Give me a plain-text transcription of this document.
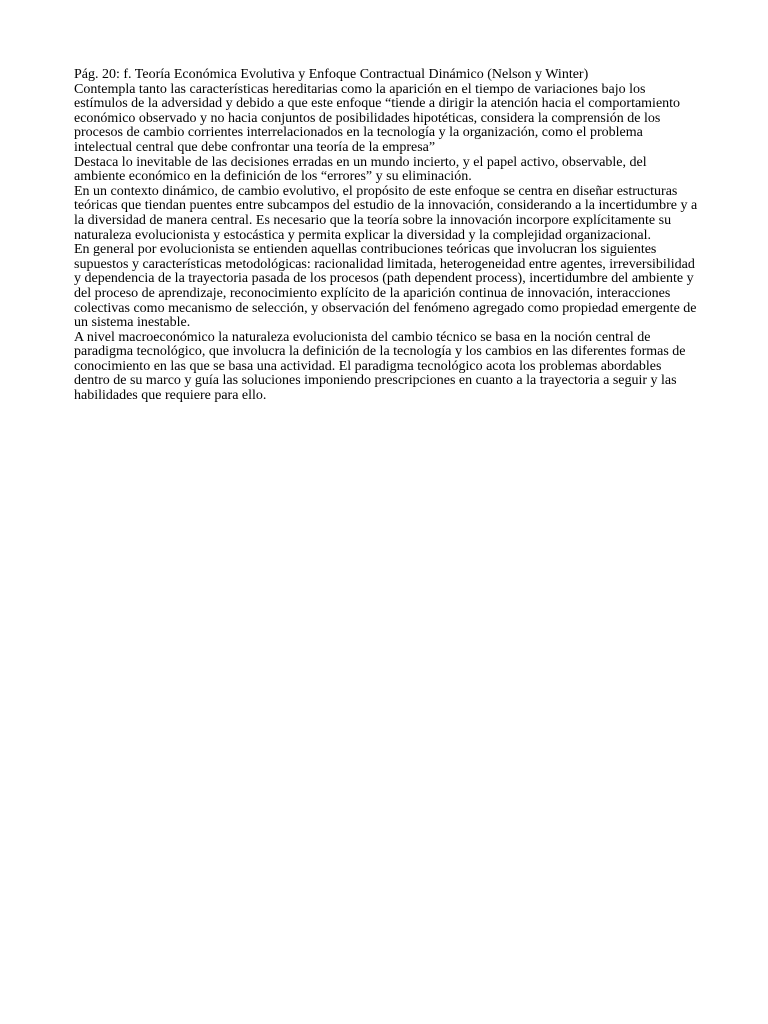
Pág. 20: f. Teoría Económica Evolutiva y Enfoque Contractual Dinámico (Nelson y Winter)

Contempla tanto las características hereditarias como la aparición en el tiempo de variaciones bajo los estímulos de la adversidad y debido a que este enfoque “tiende a dirigir la atención hacia el comportamiento económico observado y no hacia conjuntos de posibilidades hipotéticas, considera la comprensión de los procesos de cambio corrientes interrelacionados en la tecnología y la organización, como el problema intelectual central que debe confrontar una teoría de la empresa”

Destaca lo inevitable de las decisiones erradas en un mundo incierto, y el papel activo, observable, del ambiente económico en la definición de los “errores” y su eliminación.

En un contexto dinámico, de cambio evolutivo, el propósito de este enfoque se centra en diseñar estructuras teóricas que tiendan puentes entre subcampos del estudio de la innovación, considerando a la incertidumbre y a la diversidad de manera central. Es necesario que la teoría sobre la innovación incorpore explícitamente su naturaleza evolucionista y estocástica y permita explicar la diversidad y la complejidad organizacional.

En general por evolucionista se entienden aquellas contribuciones teóricas que involucran los siguientes supuestos y características metodológicas: racionalidad limitada, heterogeneidad entre agentes, irreversibilidad y dependencia de la trayectoria pasada de los procesos (path dependent process), incertidumbre del ambiente y del proceso de aprendizaje, reconocimiento explícito de la aparición continua de innovación, interacciones colectivas como mecanismo de selección, y observación del fenómeno agregado como propiedad emergente de un sistema inestable.

A nivel macroeconómico la naturaleza evolucionista del cambio técnico se basa en la noción central de paradigma tecnológico, que involucra la definición de la tecnología y los cambios en las diferentes formas de conocimiento en las que se basa una actividad. El paradigma tecnológico acota los problemas abordables dentro de su marco y guía las soluciones imponiendo prescripciones en cuanto a la trayectoria a seguir y las habilidades que requiere para ello.
